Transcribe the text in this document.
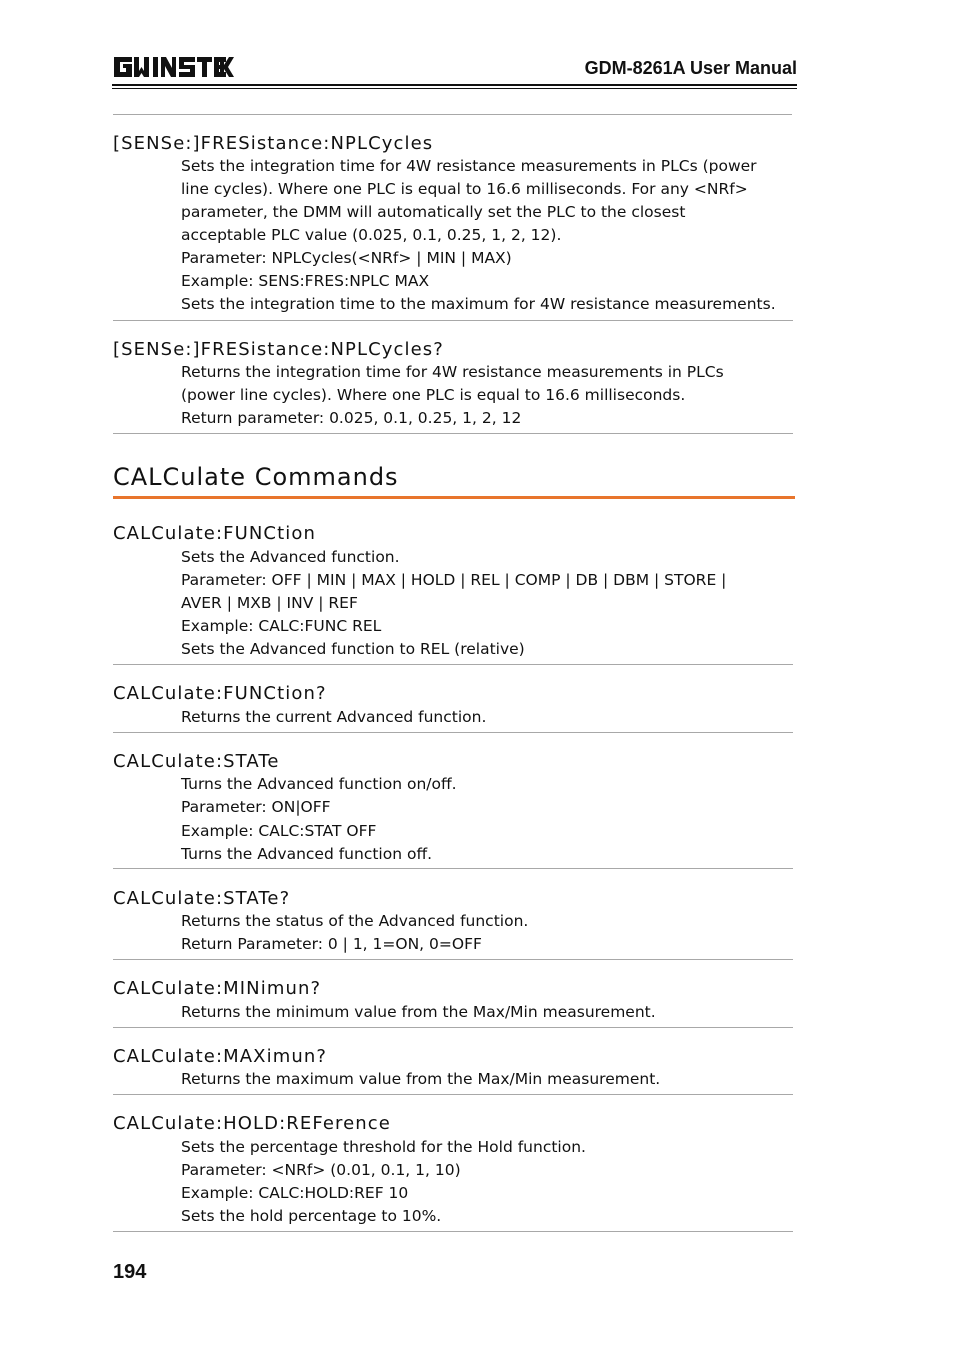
GDM-8261A User Manual
[SENSe:]FRESistance:NPLCycles
Sets the integration time for 4W resistance measurements in PLCs (power
line cycles). Where one PLC is equal to 16.6 milliseconds. For any <NRf>
parameter, the DMM will automatically set the PLC to the closest
acceptable PLC value (0.025, 0.1, 0.25, 1, 2, 12).
Parameter: NPLCycles(<NRf> | MIN | MAX)
Example: SENS:FRES:NPLC MAX
Sets the integration time to the maximum for 4W resistance measurements.
[SENSe:]FRESistance:NPLCycles?
Returns the integration time for 4W resistance measurements in PLCs
(power line cycles). Where one PLC is equal to 16.6 milliseconds.
Return parameter: 0.025, 0.1, 0.25, 1, 2, 12
CALCulate Commands
CALCulate:FUNCtion
Sets the Advanced function.
Parameter: OFF | MIN | MAX | HOLD | REL | COMP | DB | DBM | STORE |
AVER | MXB | INV | REF
Example: CALC:FUNC REL
Sets the Advanced function to REL (relative)
CALCulate:FUNCtion?
Returns the current Advanced function.
CALCulate:STATe
Turns the Advanced function on/off.
Parameter: ON|OFF
Example: CALC:STAT OFF
Turns the Advanced function off.
CALCulate:STATe?
Returns the status of the Advanced function.
Return Parameter: 0 | 1, 1=ON, 0=OFF
CALCulate:MINimun?
Returns the minimum value from the Max/Min measurement.
CALCulate:MAXimun?
Returns the maximum value from the Max/Min measurement.
CALCulate:HOLD:REFerence
Sets the percentage threshold for the Hold function.
Parameter: <NRf> (0.01, 0.1, 1, 10)
Example: CALC:HOLD:REF 10
Sets the hold percentage to 10%.
194
